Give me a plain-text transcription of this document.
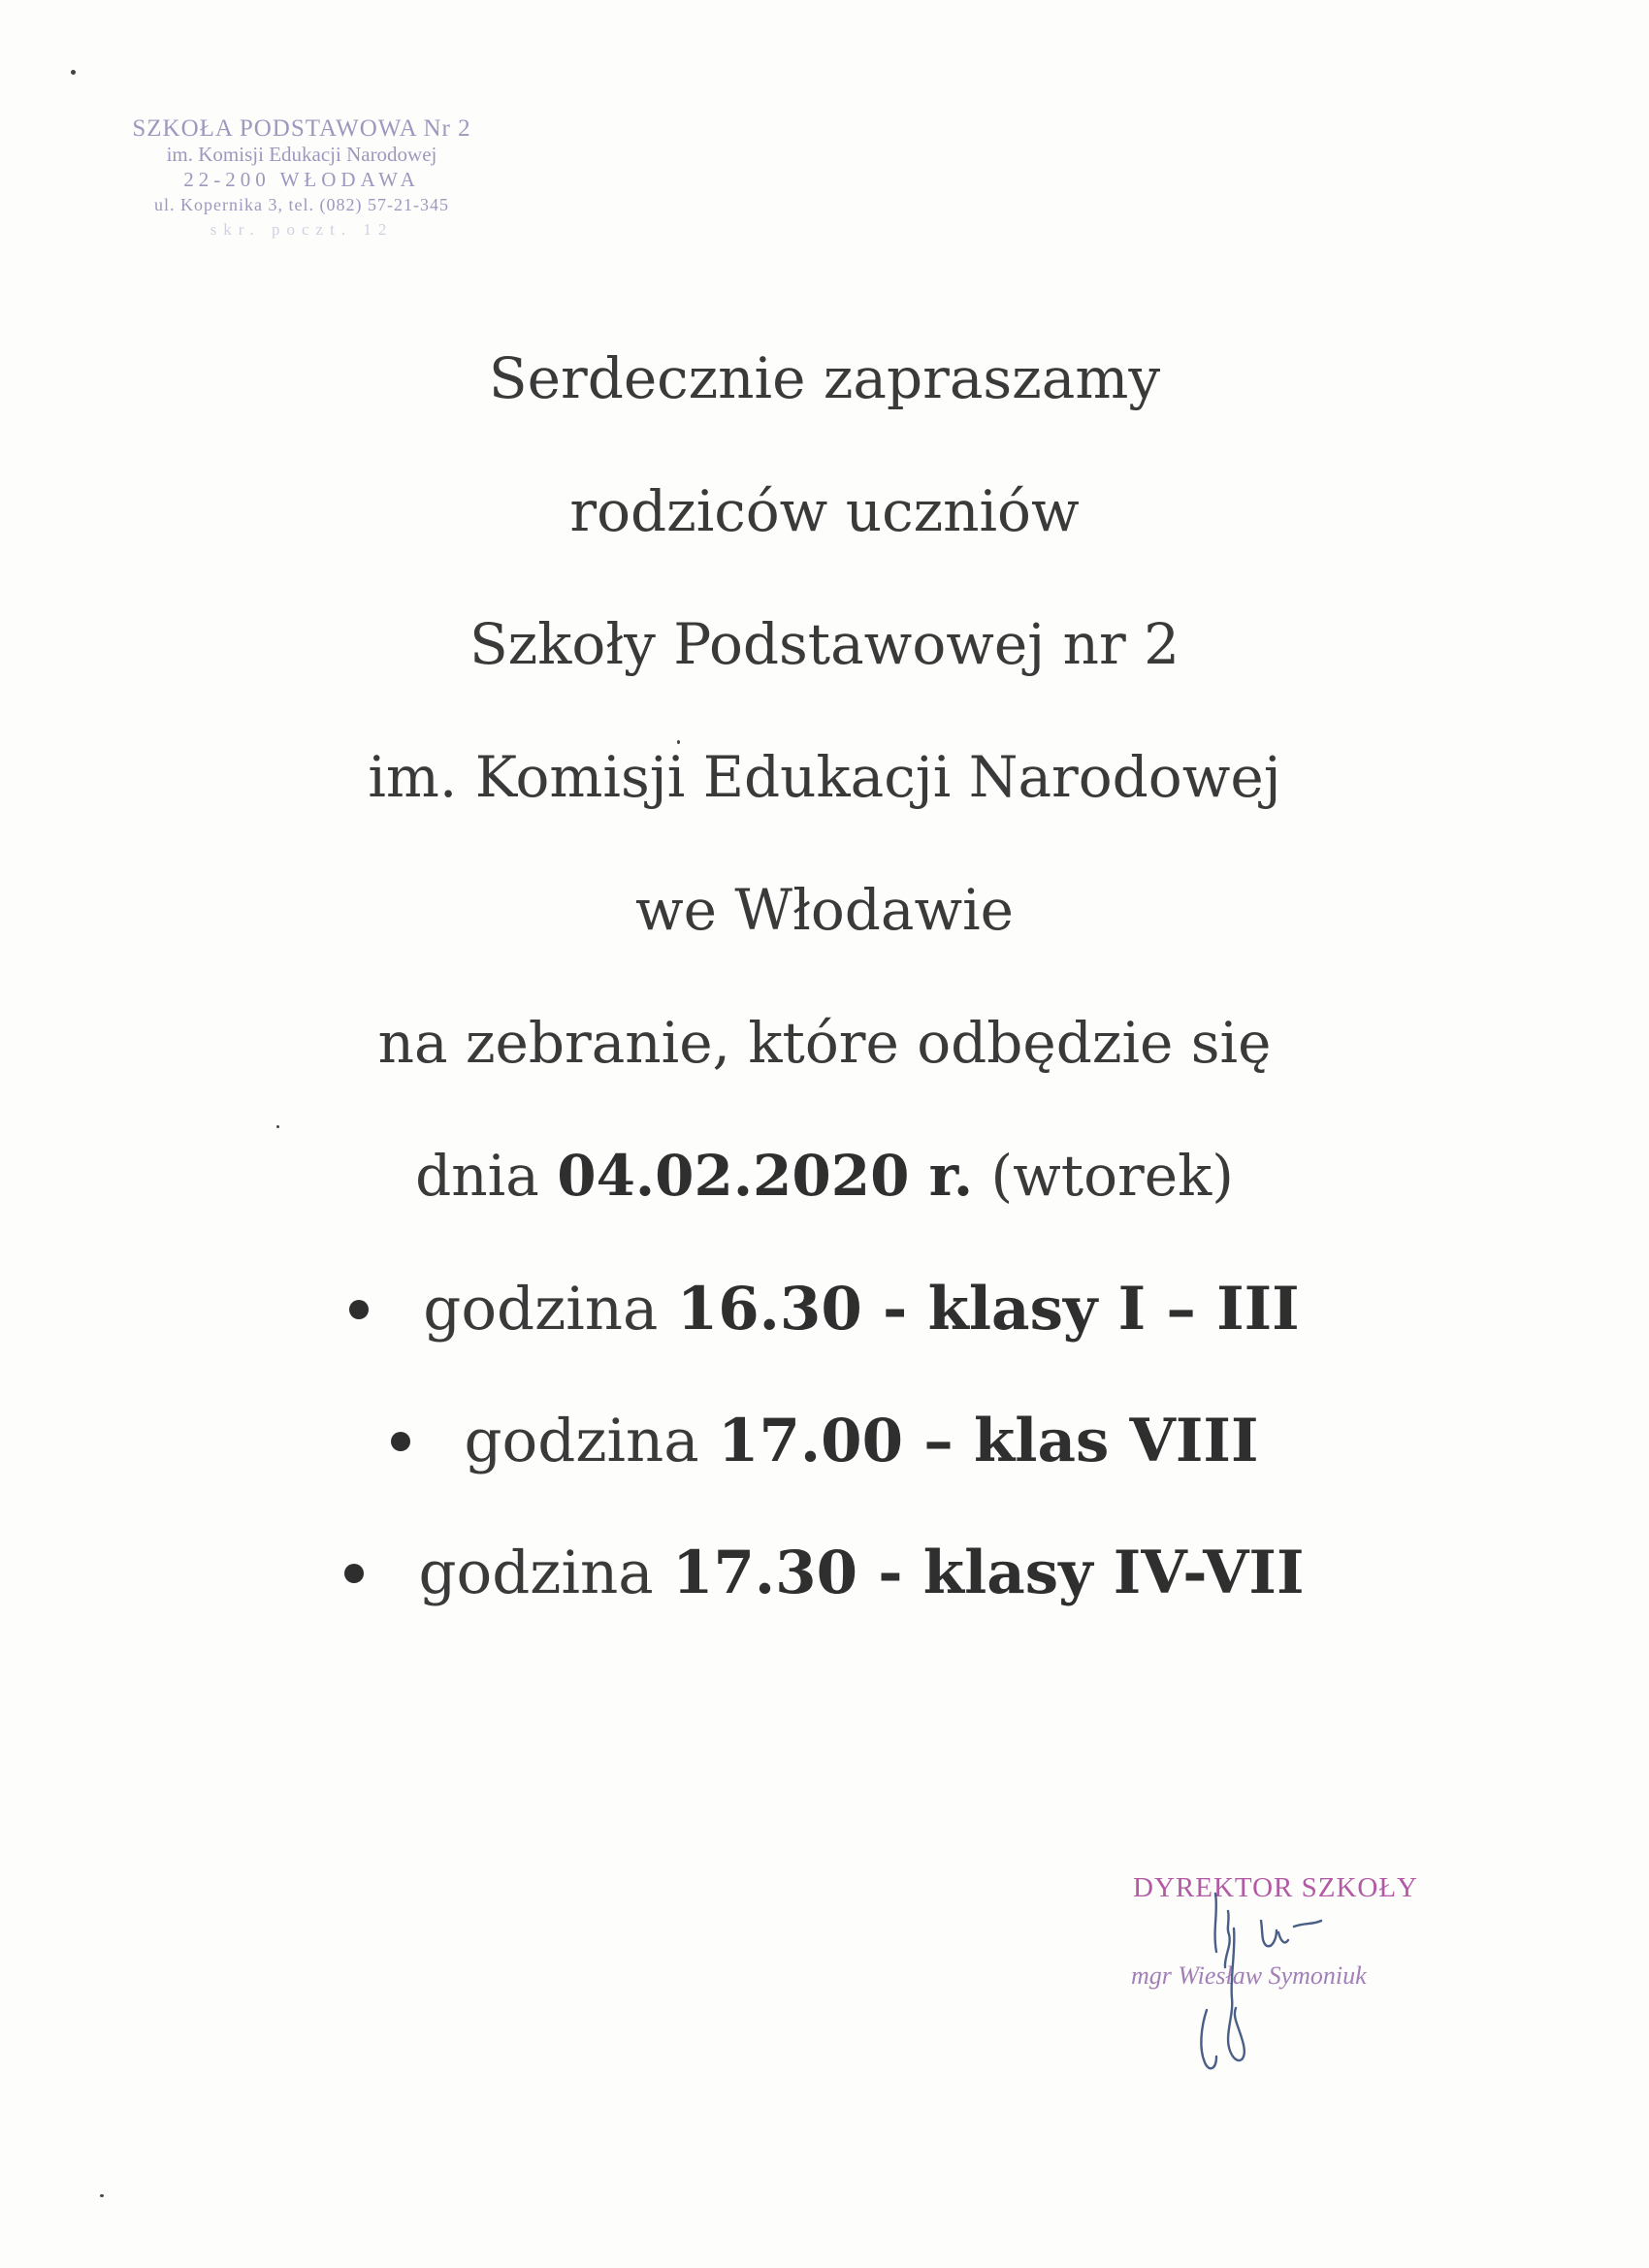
SZKOŁA PODSTAWOWA Nr 2
im. Komisji Edukacji Narodowej
22-200 WŁODAWA
ul. Kopernika 3, tel. (082) 57-21-345
skr. poczt. 12
Serdecznie zapraszamy
rodziców uczniów
Szkoły Podstawowej nr 2
im. Komisji Edukacji Narodowej
we Włodawie
na zebranie, które odbędzie się
dnia 04.02.2020 r. (wtorek)
godzina 16.30 - klasy I – III
godzina 17.00 – klas VIII
godzina 17.30 - klasy IV-VII
DYREKTOR SZKOŁY
mgr Wiesław Symoniuk
